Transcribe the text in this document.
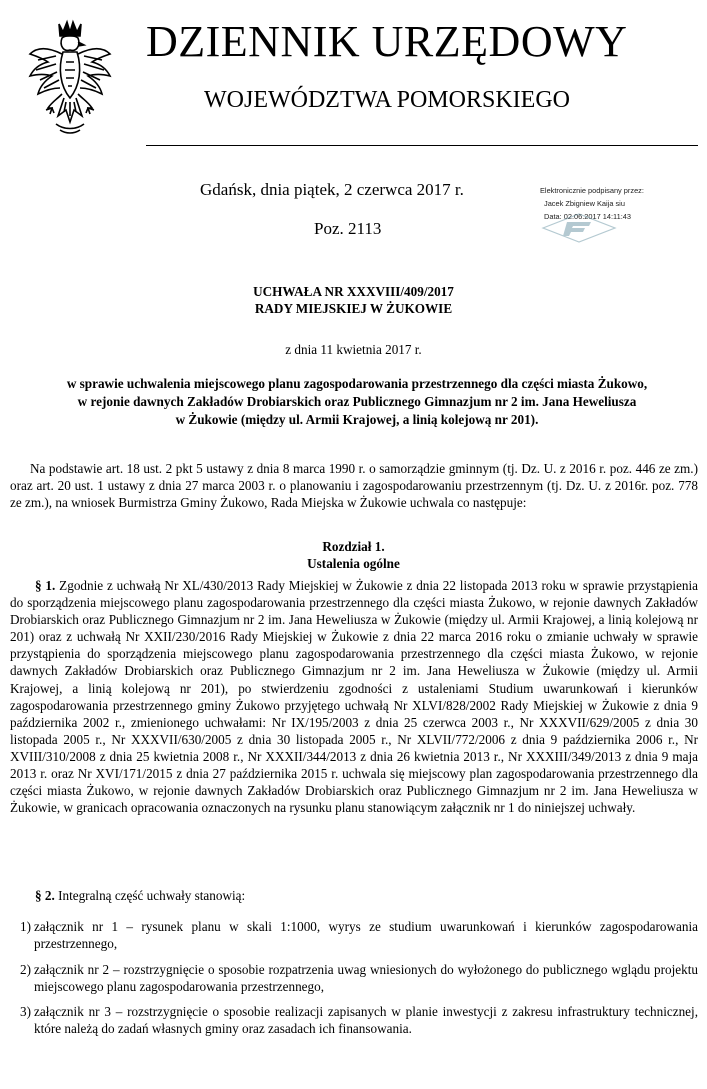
DZIENNIK URZĘDOWY
WOJEWÓDZTWA POMORSKIEGO
Gdańsk, dnia piątek, 2 czerwca 2017 r.
Poz. 2113
Elektronicznie podpisany przez:
Jacek Zbigniew Kaija siu
Data: 02.06.2017 14:11:43
UCHWAŁA NR XXXVIII/409/2017
RADY MIEJSKIEJ W ŻUKOWIE
z dnia 11 kwietnia 2017 r.
w sprawie uchwalenia miejscowego planu zagospodarowania przestrzennego dla części miasta Żukowo,
w rejonie dawnych Zakładów Drobiarskich oraz Publicznego Gimnazjum nr 2 im. Jana Heweliusza
w Żukowie (między ul. Armii Krajowej, a linią kolejową nr 201).

Na podstawie art. 18 ust. 2 pkt 5 ustawy z dnia 8 marca 1990 r. o samorządzie gminnym (tj. Dz. U. z 2016 r. poz. 446 ze zm.) oraz art. 20 ust. 1 ustawy z dnia 27 marca 2003 r. o planowaniu i zagospodarowaniu przestrzennym (tj. Dz. U. z 2016r. poz. 778 ze zm.), na wniosek Burmistrza Gminy Żukowo, Rada Miejska w Żukowie uchwala co następuje:

Rozdział 1.
Ustalenia ogólne

§ 1. Zgodnie z uchwałą Nr XL/430/2013 Rady Miejskiej w Żukowie z dnia 22 listopada 2013 roku w sprawie przystąpienia do sporządzenia miejscowego planu zagospodarowania przestrzennego dla części miasta Żukowo, w rejonie dawnych Zakładów Drobiarskich oraz Publicznego Gimnazjum nr 2 im. Jana Heweliusza w Żukowie (między ul. Armii Krajowej, a linią kolejową nr 201) oraz z uchwałą Nr XXII/230/2016 Rady Miejskiej w Żukowie z dnia 22 marca 2016 roku o zmianie uchwały w sprawie przystąpienia do sporządzenia miejscowego planu zagospodarowania przestrzennego dla części miasta Żukowo, w rejonie dawnych Zakładów Drobiarskich oraz Publicznego Gimnazjum nr 2 im. Jana Heweliusza w Żukowie (między ul. Armii Krajowej, a linią kolejową nr 201), po stwierdzeniu zgodności z ustaleniami Studium uwarunkowań i kierunków zagospodarowania przestrzennego gminy Żukowo przyjętego uchwałą Nr XLVI/828/2002 Rady Miejskiej w Żukowie z dnia 9 października 2002 r., zmienionego uchwałami: Nr IX/195/2003 z dnia 25 czerwca 2003 r., Nr XXXVII/629/2005 z dnia 30 listopada 2005 r., Nr XXXVII/630/2005 z dnia 30 listopada 2005 r., Nr XLVII/772/2006 z dnia 9 października 2006 r., Nr XVIII/310/2008 z dnia 25 kwietnia 2008 r., Nr XXXII/344/2013 z dnia 26 kwietnia 2013 r., Nr XXXIII/349/2013 z dnia 9 maja 2013 r. oraz Nr XVI/171/2015 z dnia 27 października 2015 r. uchwala się miejscowy plan zagospodarowania przestrzennego dla części miasta Żukowo, w rejonie dawnych Zakładów Drobiarskich oraz Publicznego Gimnazjum nr 2 im. Jana Heweliusza w Żukowie, w granicach opracowania oznaczonych na rysunku planu stanowiącym załącznik nr 1 do niniejszej uchwały.

§ 2. Integralną część uchwały stanowią:

1) załącznik nr 1 – rysunek planu w skali 1:1000, wyrys ze studium uwarunkowań i kierunków zagospodarowania przestrzennego,
2) załącznik nr 2 – rozstrzygnięcie o sposobie rozpatrzenia uwag wniesionych do wyłożonego do publicznego wglądu projektu miejscowego planu zagospodarowania przestrzennego,
3) załącznik nr 3 – rozstrzygnięcie o sposobie realizacji zapisanych w planie inwestycji z zakresu infrastruktury technicznej, które należą do zadań własnych gminy oraz zasadach ich finansowania.
